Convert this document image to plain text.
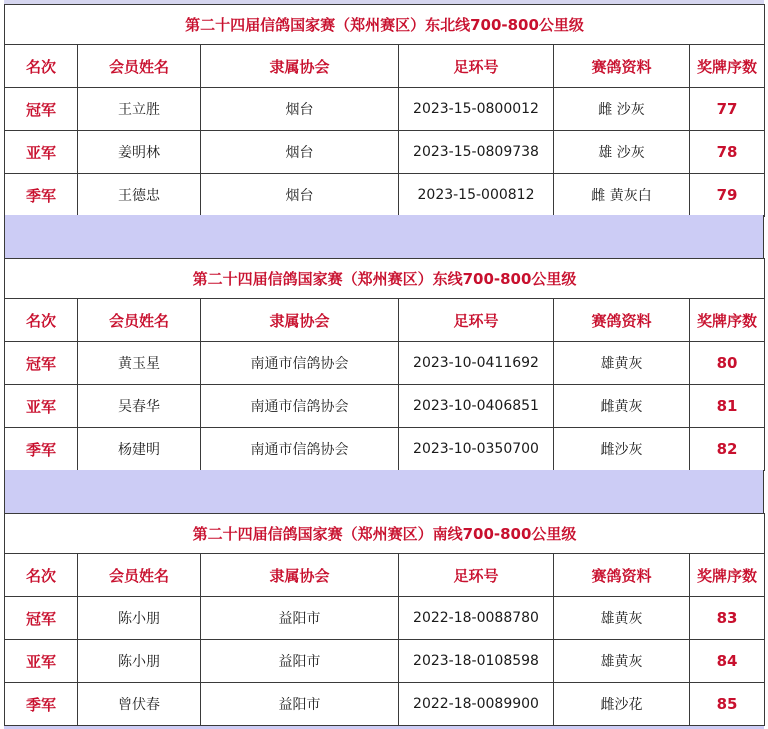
第二十四届信鸽国家赛（郑州赛区）东北线700-800公里级					
名次	会员姓名	隶属协会	足环号	赛鸽资料	奖牌序数
冠军	王立胜	烟台	2023-15-0800012	雌 沙灰	77
亚军	姜明林	烟台	2023-15-0809738	雄 沙灰	78
季军	王德忠	烟台	2023-15-000812	雌 黄灰白	79
第二十四届信鸽国家赛（郑州赛区）东线700-800公里级					
名次	会员姓名	隶属协会	足环号	赛鸽资料	奖牌序数
冠军	黄玉星	南通市信鸽协会	2023-10-0411692	雄黄灰	80
亚军	吴春华	南通市信鸽协会	2023-10-0406851	雌黄灰	81
季军	杨建明	南通市信鸽协会	2023-10-0350700	雌沙灰	82
第二十四届信鸽国家赛（郑州赛区）南线700-800公里级					
名次	会员姓名	隶属协会	足环号	赛鸽资料	奖牌序数
冠军	陈小朋	益阳市	2022-18-0088780	雄黄灰	83
亚军	陈小朋	益阳市	2023-18-0108598	雄黄灰	84
季军	曾伏春	益阳市	2022-18-0089900	雌沙花	85
